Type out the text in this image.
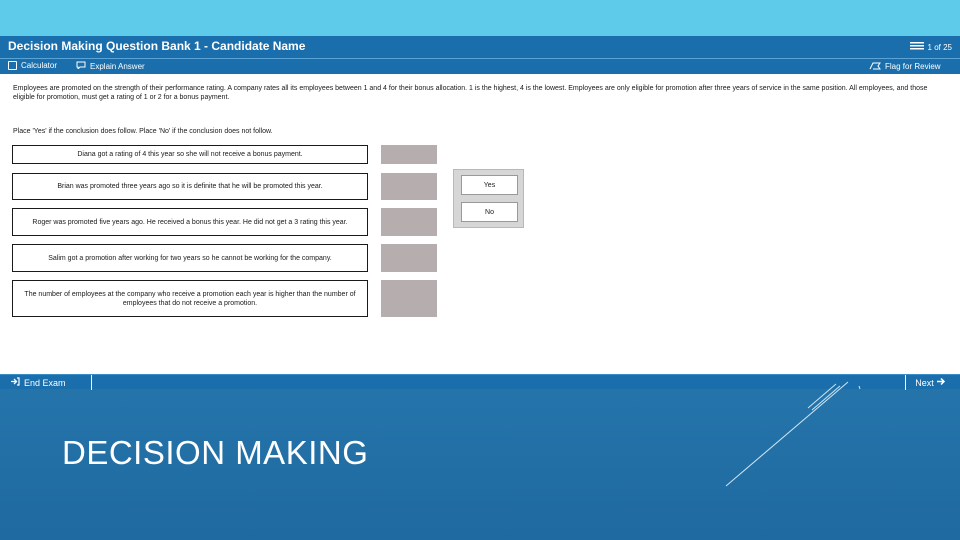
Decision Making Question Bank 1 - Candidate Name	1 of 25
Calculator	Explain Answer	Flag for Review
Employees are promoted on the strength of their performance rating. A company rates all its employees between 1 and 4 for their bonus allocation. 1 is the highest, 4 is the lowest. Employees are only eligible for promotion after three years of service in the same position. All employees, and those eligible for promotion, must get a rating of 1 or 2 for a bonus payment.
Place 'Yes' if the conclusion does follow. Place 'No' if the conclusion does not follow.
Diana got a rating of 4 this year so she will not receive a bonus payment.
Brian was promoted three years ago so it is definite that he will be promoted this year.
Roger was promoted five years ago. He received a bonus this year. He did not get a 3 rating this year.
Salim got a promotion after working for two years so he cannot be working for the company.
The number of employees at the company who receive a promotion each year is higher than the number of employees that do not receive a promotion.
Yes
No
End Exam	Next
DECISION MAKING
